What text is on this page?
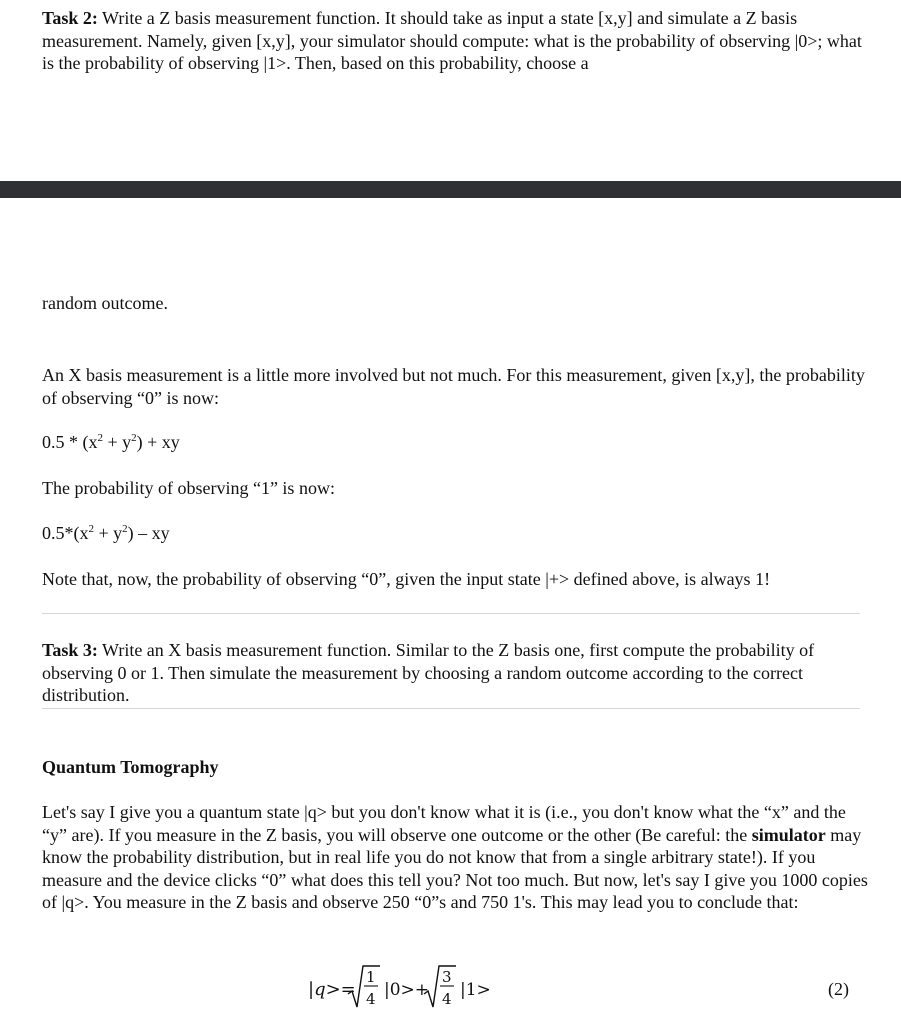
Task 2: Write a Z basis measurement function. It should take as input a state [x,y] and simulate a Z basis measurement. Namely, given [x,y], your simulator should compute: what is the probability of observing |0>; what is the probability of observing |1>. Then, based on this probability, choose a

random outcome.

An X basis measurement is a little more involved but not much. For this measurement, given [x,y], the probability of observing “0” is now:

$0.5 * (x^2 + y^2)$ + xy

The probability of observing “1” is now:

$0.5*(x^2 + y^2)$ – xy

Note that, now, the probability of observing “0”, given the input state |+> defined above, is always 1!

Task 3: Write an X basis measurement function. Similar to the Z basis one, first compute the probability of observing 0 or 1. Then simulate the measurement by choosing a random outcome according to the correct distribution.

Quantum Tomography

Let's say I give you a quantum state |q> but you don't know what it is (i.e., you don't know what the “x” and the “y” are). If you measure in the Z basis, you will observe one outcome or the other (Be careful: the simulator may know the probability distribution, but in real life you do not know that from a single arbitrary state!). If you measure and the device clicks “0” what does this tell you? Not too much. But now, let's say I give you 1000 copies of |q>. You measure in the Z basis and observe 250 “0”s and 750 1's. This may lead you to conclude that:

|q>=
1
4 |0>+
3
4 |1>	(2)
